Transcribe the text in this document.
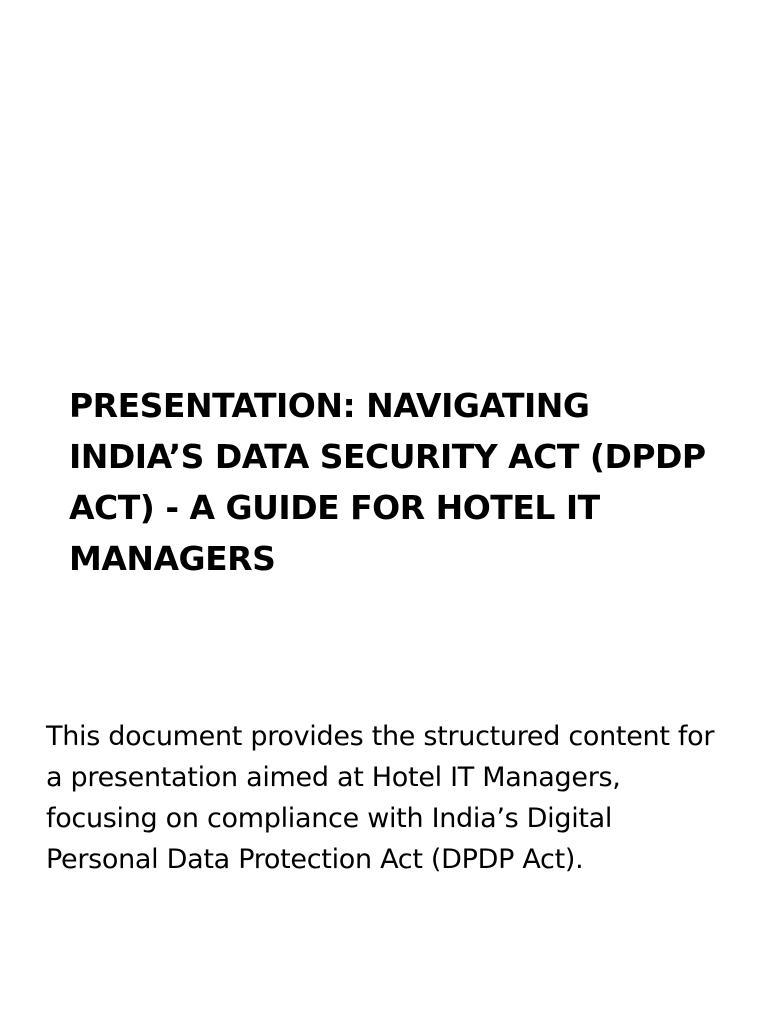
PRESENTATION: NAVIGATING INDIA’S DATA SECURITY ACT (DPDP ACT) - A GUIDE FOR HOTEL IT MANAGERS

This document provides the structured content for a presentation aimed at Hotel IT Managers, focusing on compliance with India’s Digital Personal Data Protection Act (DPDP Act).
